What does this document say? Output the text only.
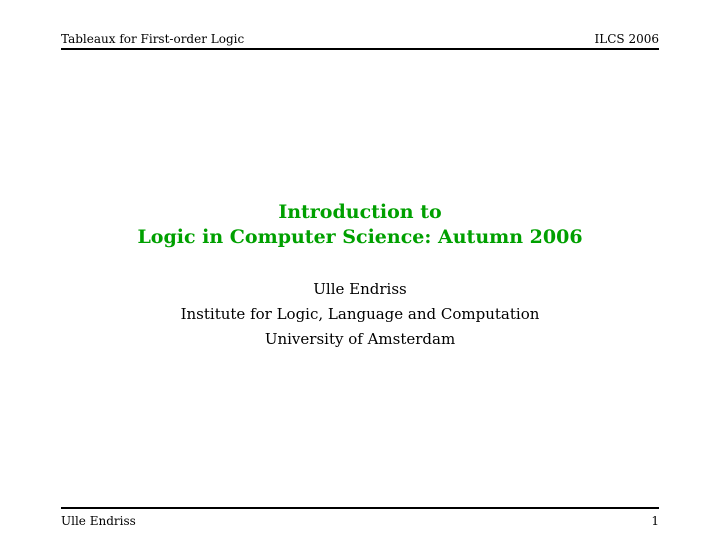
Tableaux for First-order Logic	ILCS 2006
Introduction to
Logic in Computer Science: Autumn 2006
Ulle Endriss
Institute for Logic, Language and Computation
University of Amsterdam
Ulle Endriss	1
